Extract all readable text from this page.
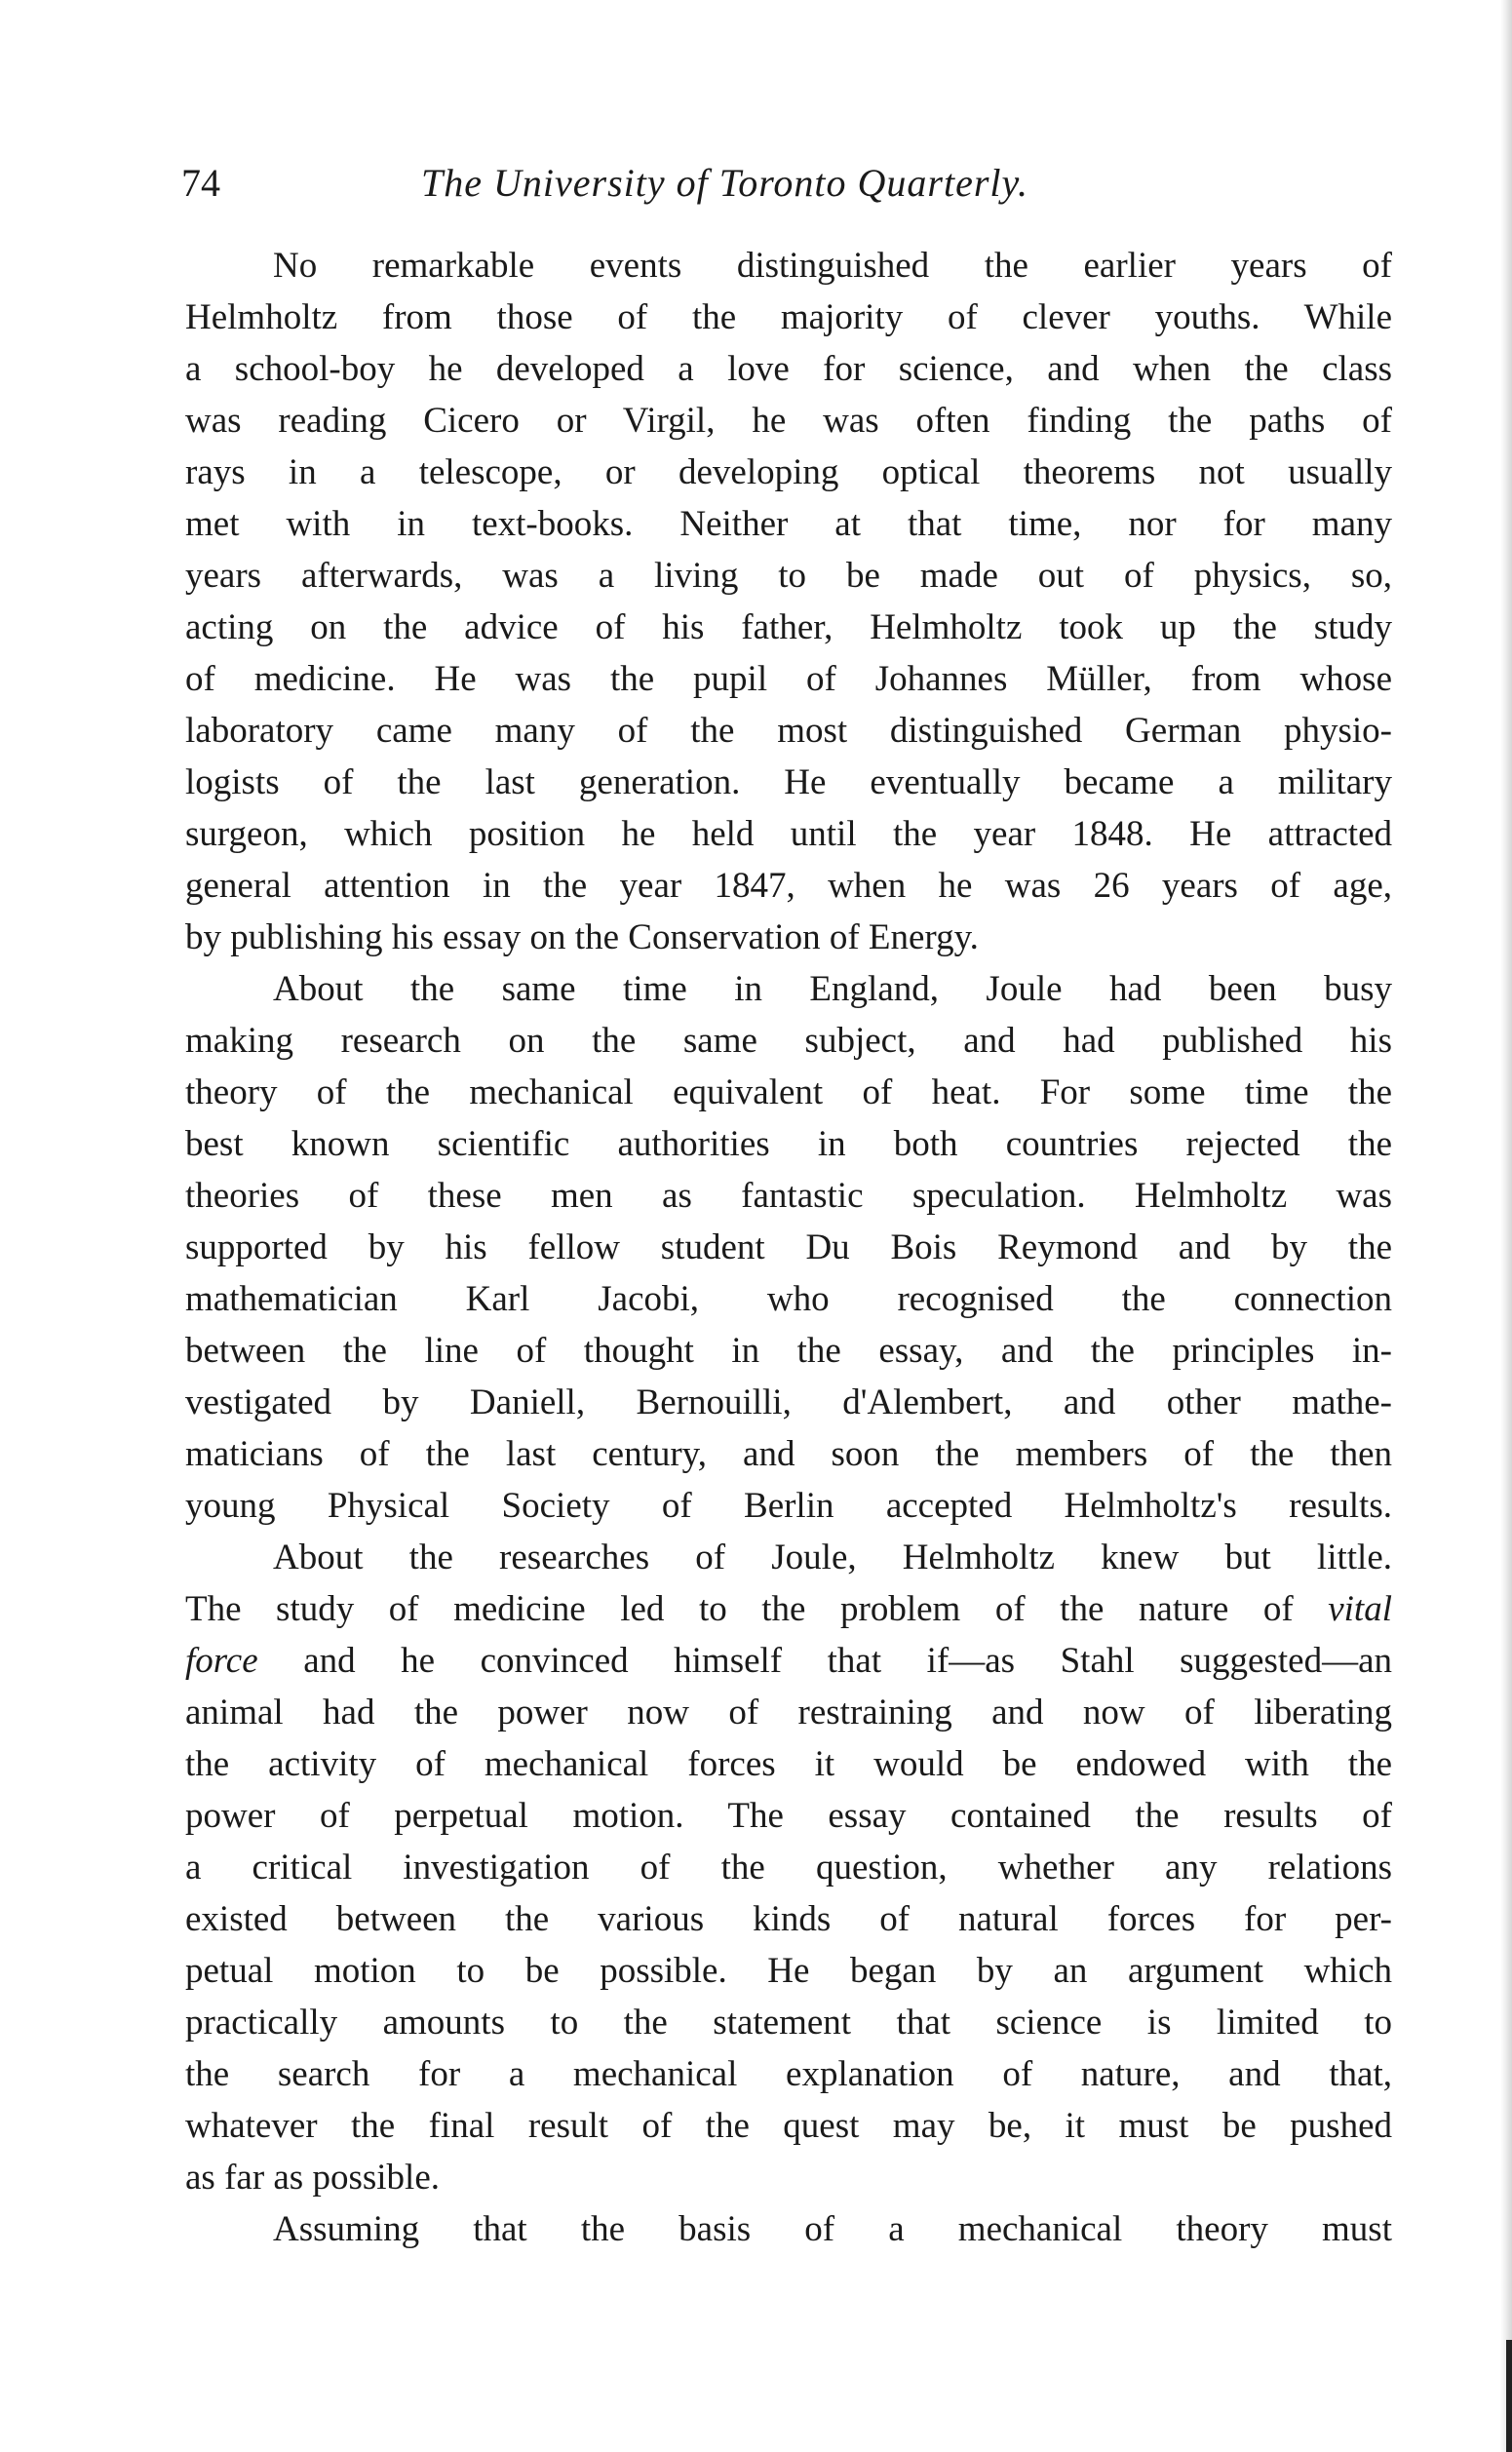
74	The University of Toronto Quarterly.
No remarkable events distinguished the earlier years of
Helmholtz from those of the majority of clever youths. While
a school-boy he developed a love for science, and when the class
was reading Cicero or Virgil, he was often finding the paths of
rays in a telescope, or developing optical theorems not usually
met with in text-books. Neither at that time, nor for many
years afterwards, was a living to be made out of physics, so,
acting on the advice of his father, Helmholtz took up the study
of medicine. He was the pupil of Johannes Müller, from whose
laboratory came many of the most distinguished German physio-
logists of the last generation. He eventually became a military
surgeon, which position he held until the year 1848. He attracted
general attention in the year 1847, when he was 26 years of age,
by publishing his essay on the Conservation of Energy.
About the same time in England, Joule had been busy
making research on the same subject, and had published his
theory of the mechanical equivalent of heat. For some time the
best known scientific authorities in both countries rejected the
theories of these men as fantastic speculation. Helmholtz was
supported by his fellow student Du Bois Reymond and by the
mathematician Karl Jacobi, who recognised the connection
between the line of thought in the essay, and the principles in-
vestigated by Daniell, Bernouilli, d'Alembert, and other mathe-
maticians of the last century, and soon the members of the then
young Physical Society of Berlin accepted Helmholtz's results.
About the researches of Joule, Helmholtz knew but little.
The study of medicine led to the problem of the nature of vital
force and he convinced himself that if—as Stahl suggested—an
animal had the power now of restraining and now of liberating
the activity of mechanical forces it would be endowed with the
power of perpetual motion. The essay contained the results of
a critical investigation of the question, whether any relations
existed between the various kinds of natural forces for per-
petual motion to be possible. He began by an argument which
practically amounts to the statement that science is limited to
the search for a mechanical explanation of nature, and that,
whatever the final result of the quest may be, it must be pushed
as far as possible.
Assuming that the basis of a mechanical theory must
